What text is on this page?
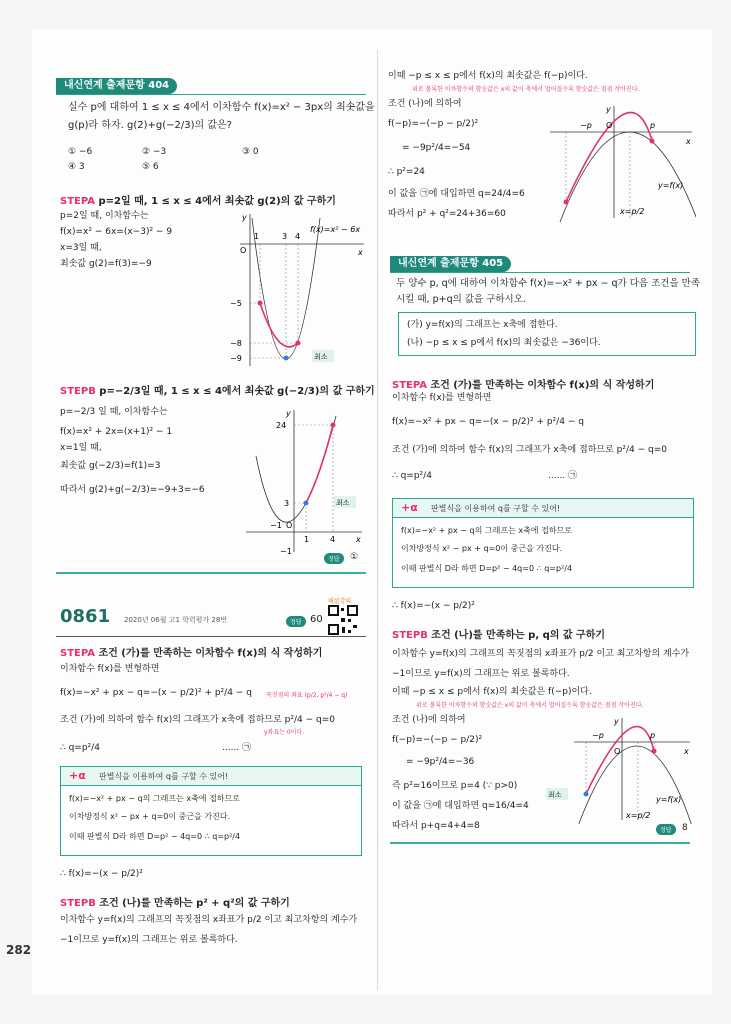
내신연계 출제문항 404
실수 p에 대하여 1 ≤ x ≤ 4에서 이차함수 f(x)=x² − 3px의 최솟값을
g(p)라 하자. g(2)+g(−2/3)의 값은?
① −6	② −3	③ 0
④ 3	⑤ 6
STEPA p=2일 때, 1 ≤ x ≤ 4에서 최솟값 g(2)의 값 구하기
p=2일 때, 이차함수는
f(x)=x² − 6x=(x−3)² − 9
x=3일 때,
최솟값 g(2)=f(3)=−9
1	3 4
−5
−8
−9
O	x
y
f(x)=x² − 6x
최소
STEPB p=−2/3일 때, 1 ≤ x ≤ 4에서 최솟값 g(−2/3)의 값 구하기
p=−2/3 일 때, 이차함수는
f(x)=x² + 2x=(x+1)² − 1
x=1일 때,
최솟값 g(−2/3)=f(1)=3
따라서 g(2)+g(−2/3)=−9+3=−6
24
3
−1 O
1	4
−1
x
y
최소
정답	①
0861 2020년 06월 고1 학력평가 28번	정답 60
해설강의
STEPA 조건 (가)를 만족하는 이차함수 f(x)의 식 작성하기
이차함수 f(x)를 변형하면
f(x)=−x² + px − q=−(x − p/2)² + p²/4 − q 꼭짓점의 좌표 (p/2, p²/4 − q)
조건 (가)에 의하여 함수 f(x)의 그래프가 x축에 접하므로 p²/4 − q=0
y좌표는 0이다.
∴ q=p²/4	...... ㉠
+α 판별식을 이용하여 q를 구할 수 있어!
f(x)=−x² + px − q의 그래프는 x축에 접하므로
이차방정식 x² − px + q=0이 중근을 가진다.
이때 판별식 D라 하면 D=p² − 4q=0 ∴ q=p²/4
∴ f(x)=−(x − p/2)²
STEPB 조건 (나)를 만족하는 p² + q²의 값 구하기
이차함수 y=f(x)의 그래프의 꼭짓점의 x좌표가 p/2 이고 최고차항의 계수가
−1이므로 y=f(x)의 그래프는 위로 볼록하다.
이때 −p ≤ x ≤ p에서 f(x)의 최솟값은 f(−p)이다.
위로 볼록한 이차함수의 함숫값은 x의 값이 축에서 멀어질수록 함숫값은 점점 작아진다.
조건 (나)에 의하여
f(−p)=−(−p − p/2)²
= −9p²/4=−54
∴ p²=24
이 값을 ㉠에 대입하면 q=24/4=6
따라서 p² + q²=24+36=60
−p O	p
x
y
y=f(x)
x=p/2
내신연계 출제문항 405
두 양수 p, q에 대하여 이차함수 f(x)=−x² + px − q가 다음 조건을 만족
시킬 때, p+q의 값을 구하시오.
(가) y=f(x)의 그래프는 x축에 접한다.
(나) −p ≤ x ≤ p에서 f(x)의 최솟값은 −36이다.
STEPA 조건 (가)를 만족하는 이차함수 f(x)의 식 작성하기
이차함수 f(x)를 변형하면
f(x)=−x² + px − q=−(x − p/2)² + p²/4 − q
조건 (가)에 의하여 함수 f(x)의 그래프가 x축에 접하므로 p²/4 − q=0
∴ q=p²/4	...... ㉠
+α 판별식을 이용하여 q를 구할 수 있어!
f(x)=−x² + px − q의 그래프는 x축에 접하므로
이차방정식 x² − px + q=0이 중근을 가진다.
이때 판별식 D라 하면 D=p² − 4q=0 ∴ q=p²/4
∴ f(x)=−(x − p/2)²
STEPB 조건 (나)를 만족하는 p, q의 값 구하기
이차함수 y=f(x)의 그래프의 꼭짓점의 x좌표가 p/2 이고 최고차항의 계수가
−1이므로 y=f(x)의 그래프는 위로 볼록하다.
이때 −p ≤ x ≤ p에서 f(x)의 최솟값은 f(−p)이다.
위로 볼록한 이차함수의 함숫값은 x의 값이 축에서 멀어질수록 함숫값은 점점 작아진다.
조건 (나)에 의하여
f(−p)=−(−p − p/2)²
= −9p²/4=−36
즉 p²=16이므로 p=4 (∵ p>0)
이 값을 ㉠에 대입하면 q=16/4=4
따라서 p+q=4+4=8
−p
O
p
x
y
y=f(x)
x=p/2
최소
정답	8
282
